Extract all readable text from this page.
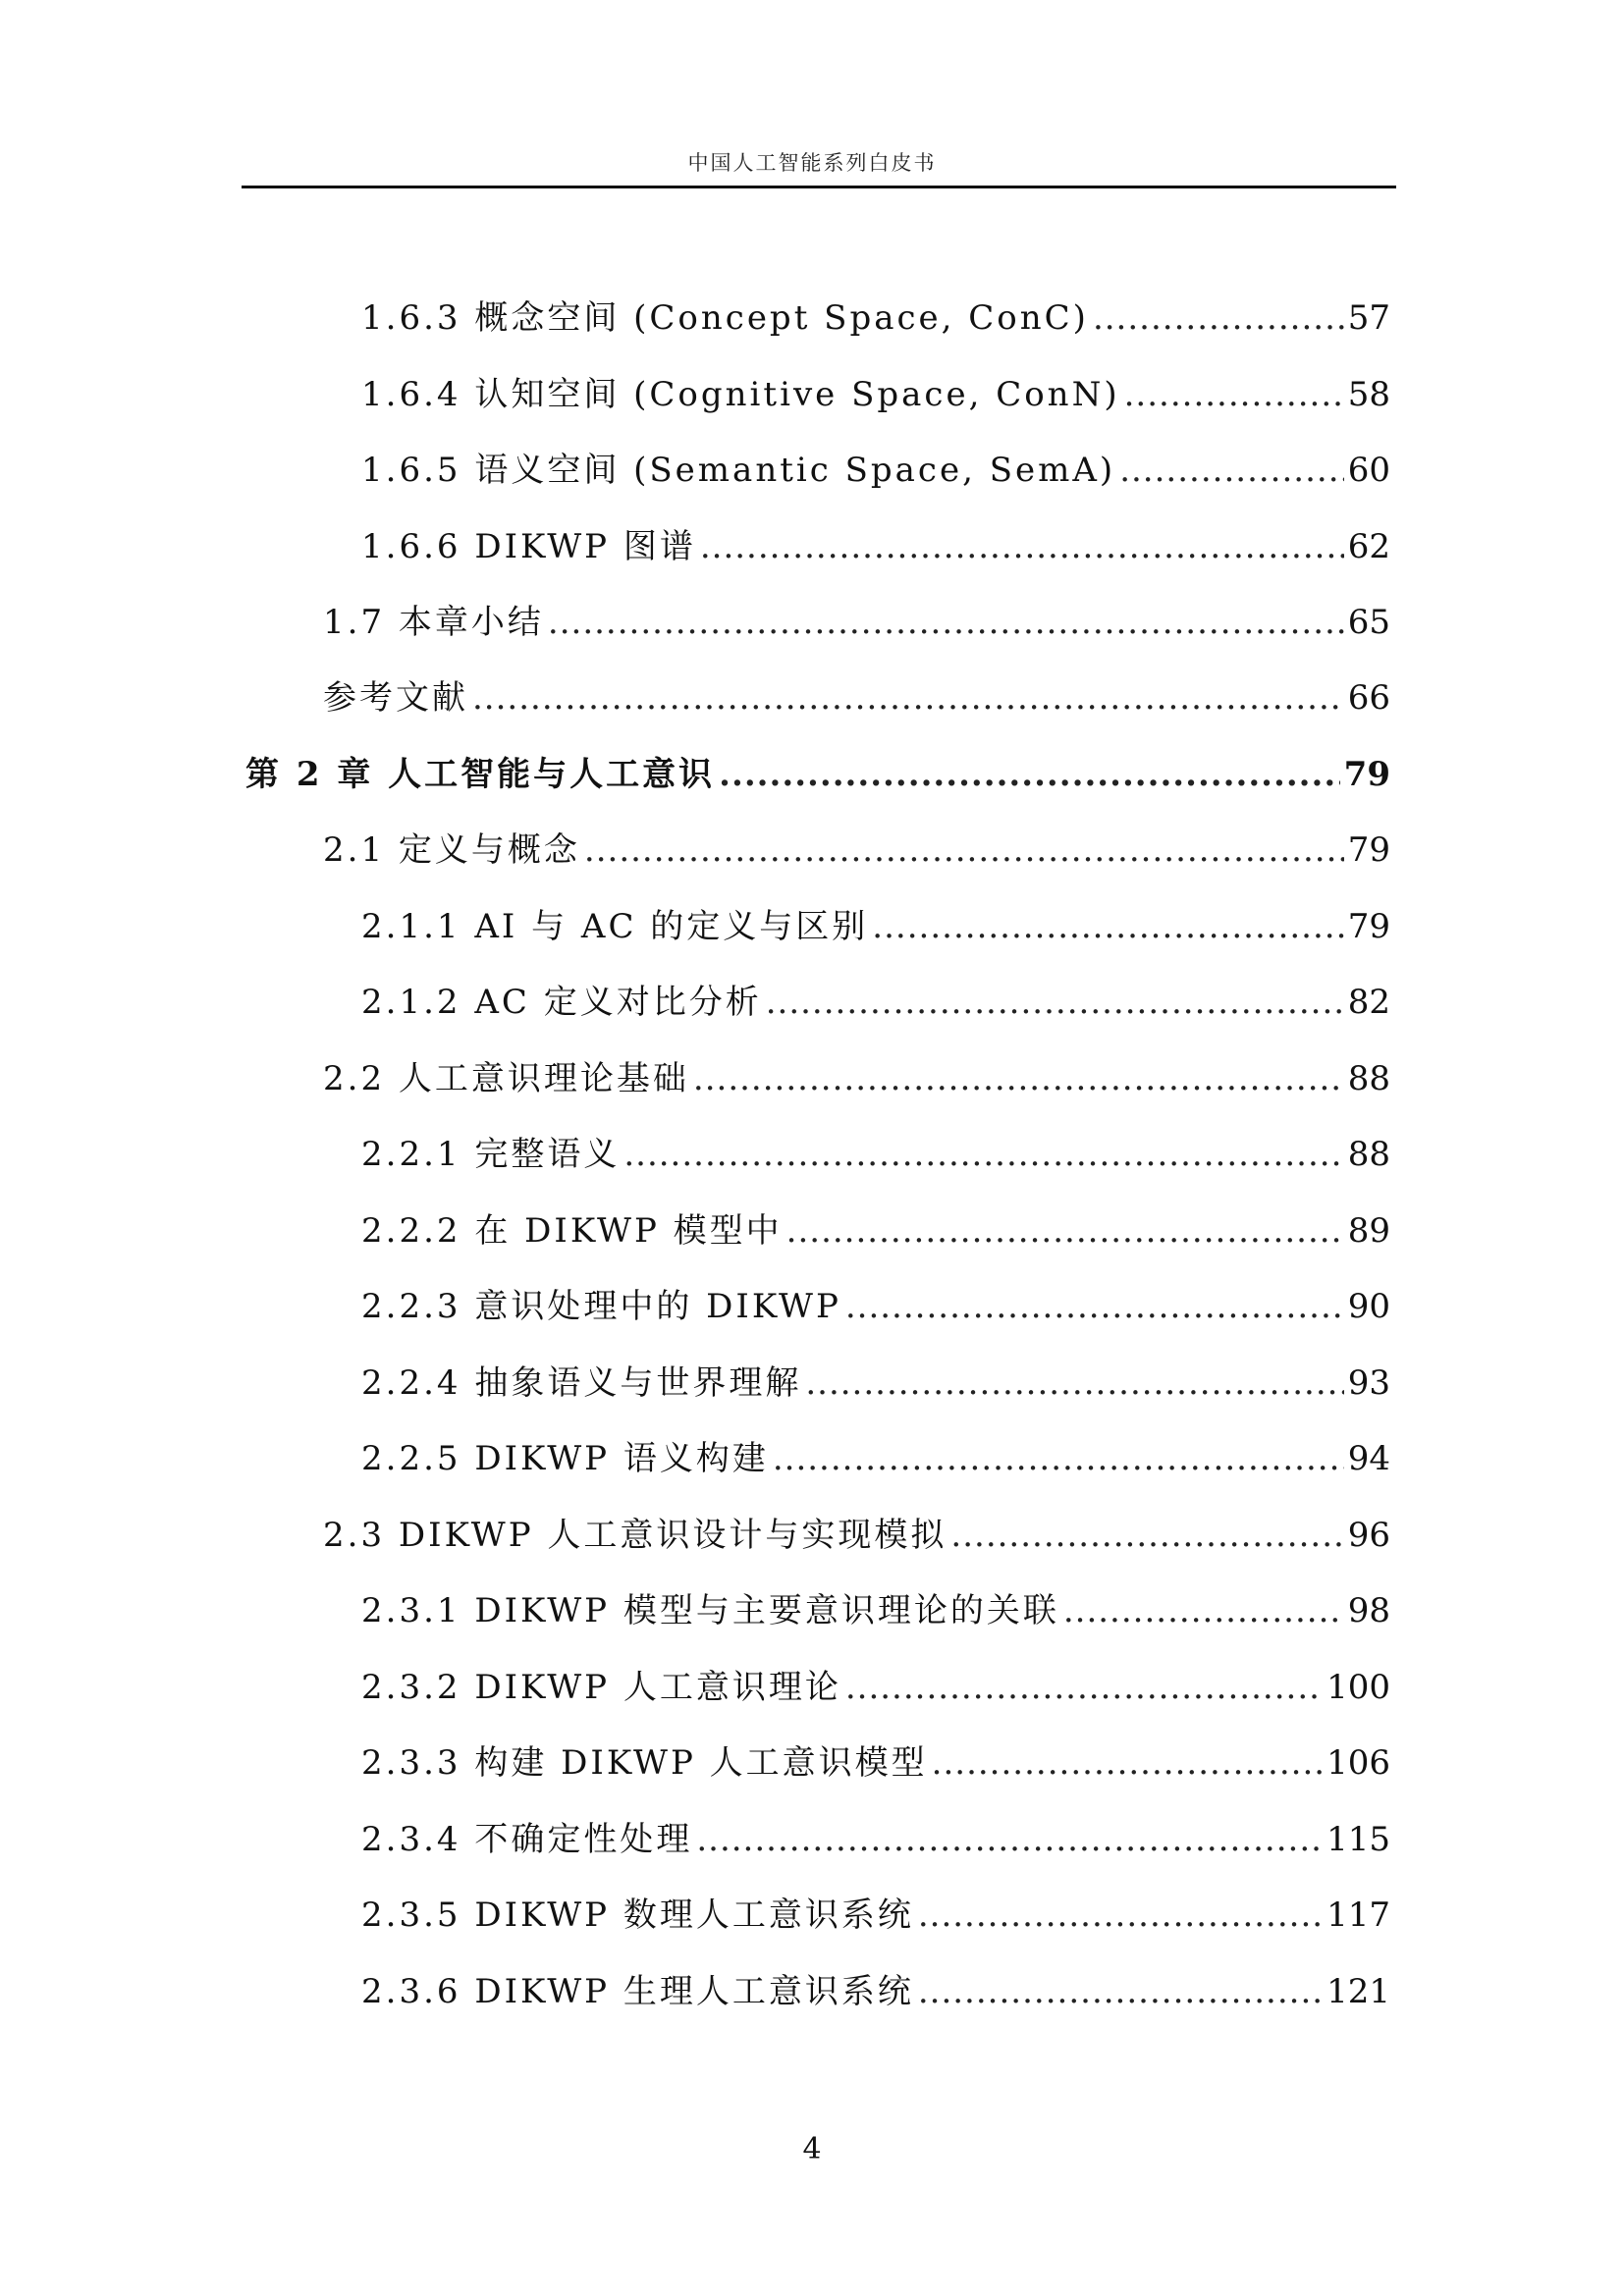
中国人工智能系列白皮书
1.6.3 概念空间 (Concept Space, ConC) .....	57
1.6.4 认知空间 (Cognitive Space, ConN) .....	58
1.6.5 语义空间 (Semantic Space, SemA) .....	60
1.6.6 DIKWP 图谱 .....	62
1.7 本章小结 .....	65
参考文献 .....	66
第 2 章 人工智能与人工意识 .....	79
2.1 定义与概念 .....	79
2.1.1 AI 与 AC 的定义与区别 .....	79
2.1.2 AC 定义对比分析 .....	82
2.2 人工意识理论基础 .....	88
2.2.1 完整语义 .....	88
2.2.2 在 DIKWP 模型中 .....	89
2.2.3 意识处理中的 DIKWP .....	90
2.2.4 抽象语义与世界理解 .....	93
2.2.5 DIKWP 语义构建 .....	94
2.3 DIKWP 人工意识设计与实现模拟 .....	96
2.3.1 DIKWP 模型与主要意识理论的关联 .....	98
2.3.2 DIKWP 人工意识理论 .....	100
2.3.3 构建 DIKWP 人工意识模型 .....	106
2.3.4 不确定性处理 .....	115
2.3.5 DIKWP 数理人工意识系统 .....	117
2.3.6 DIKWP 生理人工意识系统 .....	121
4
